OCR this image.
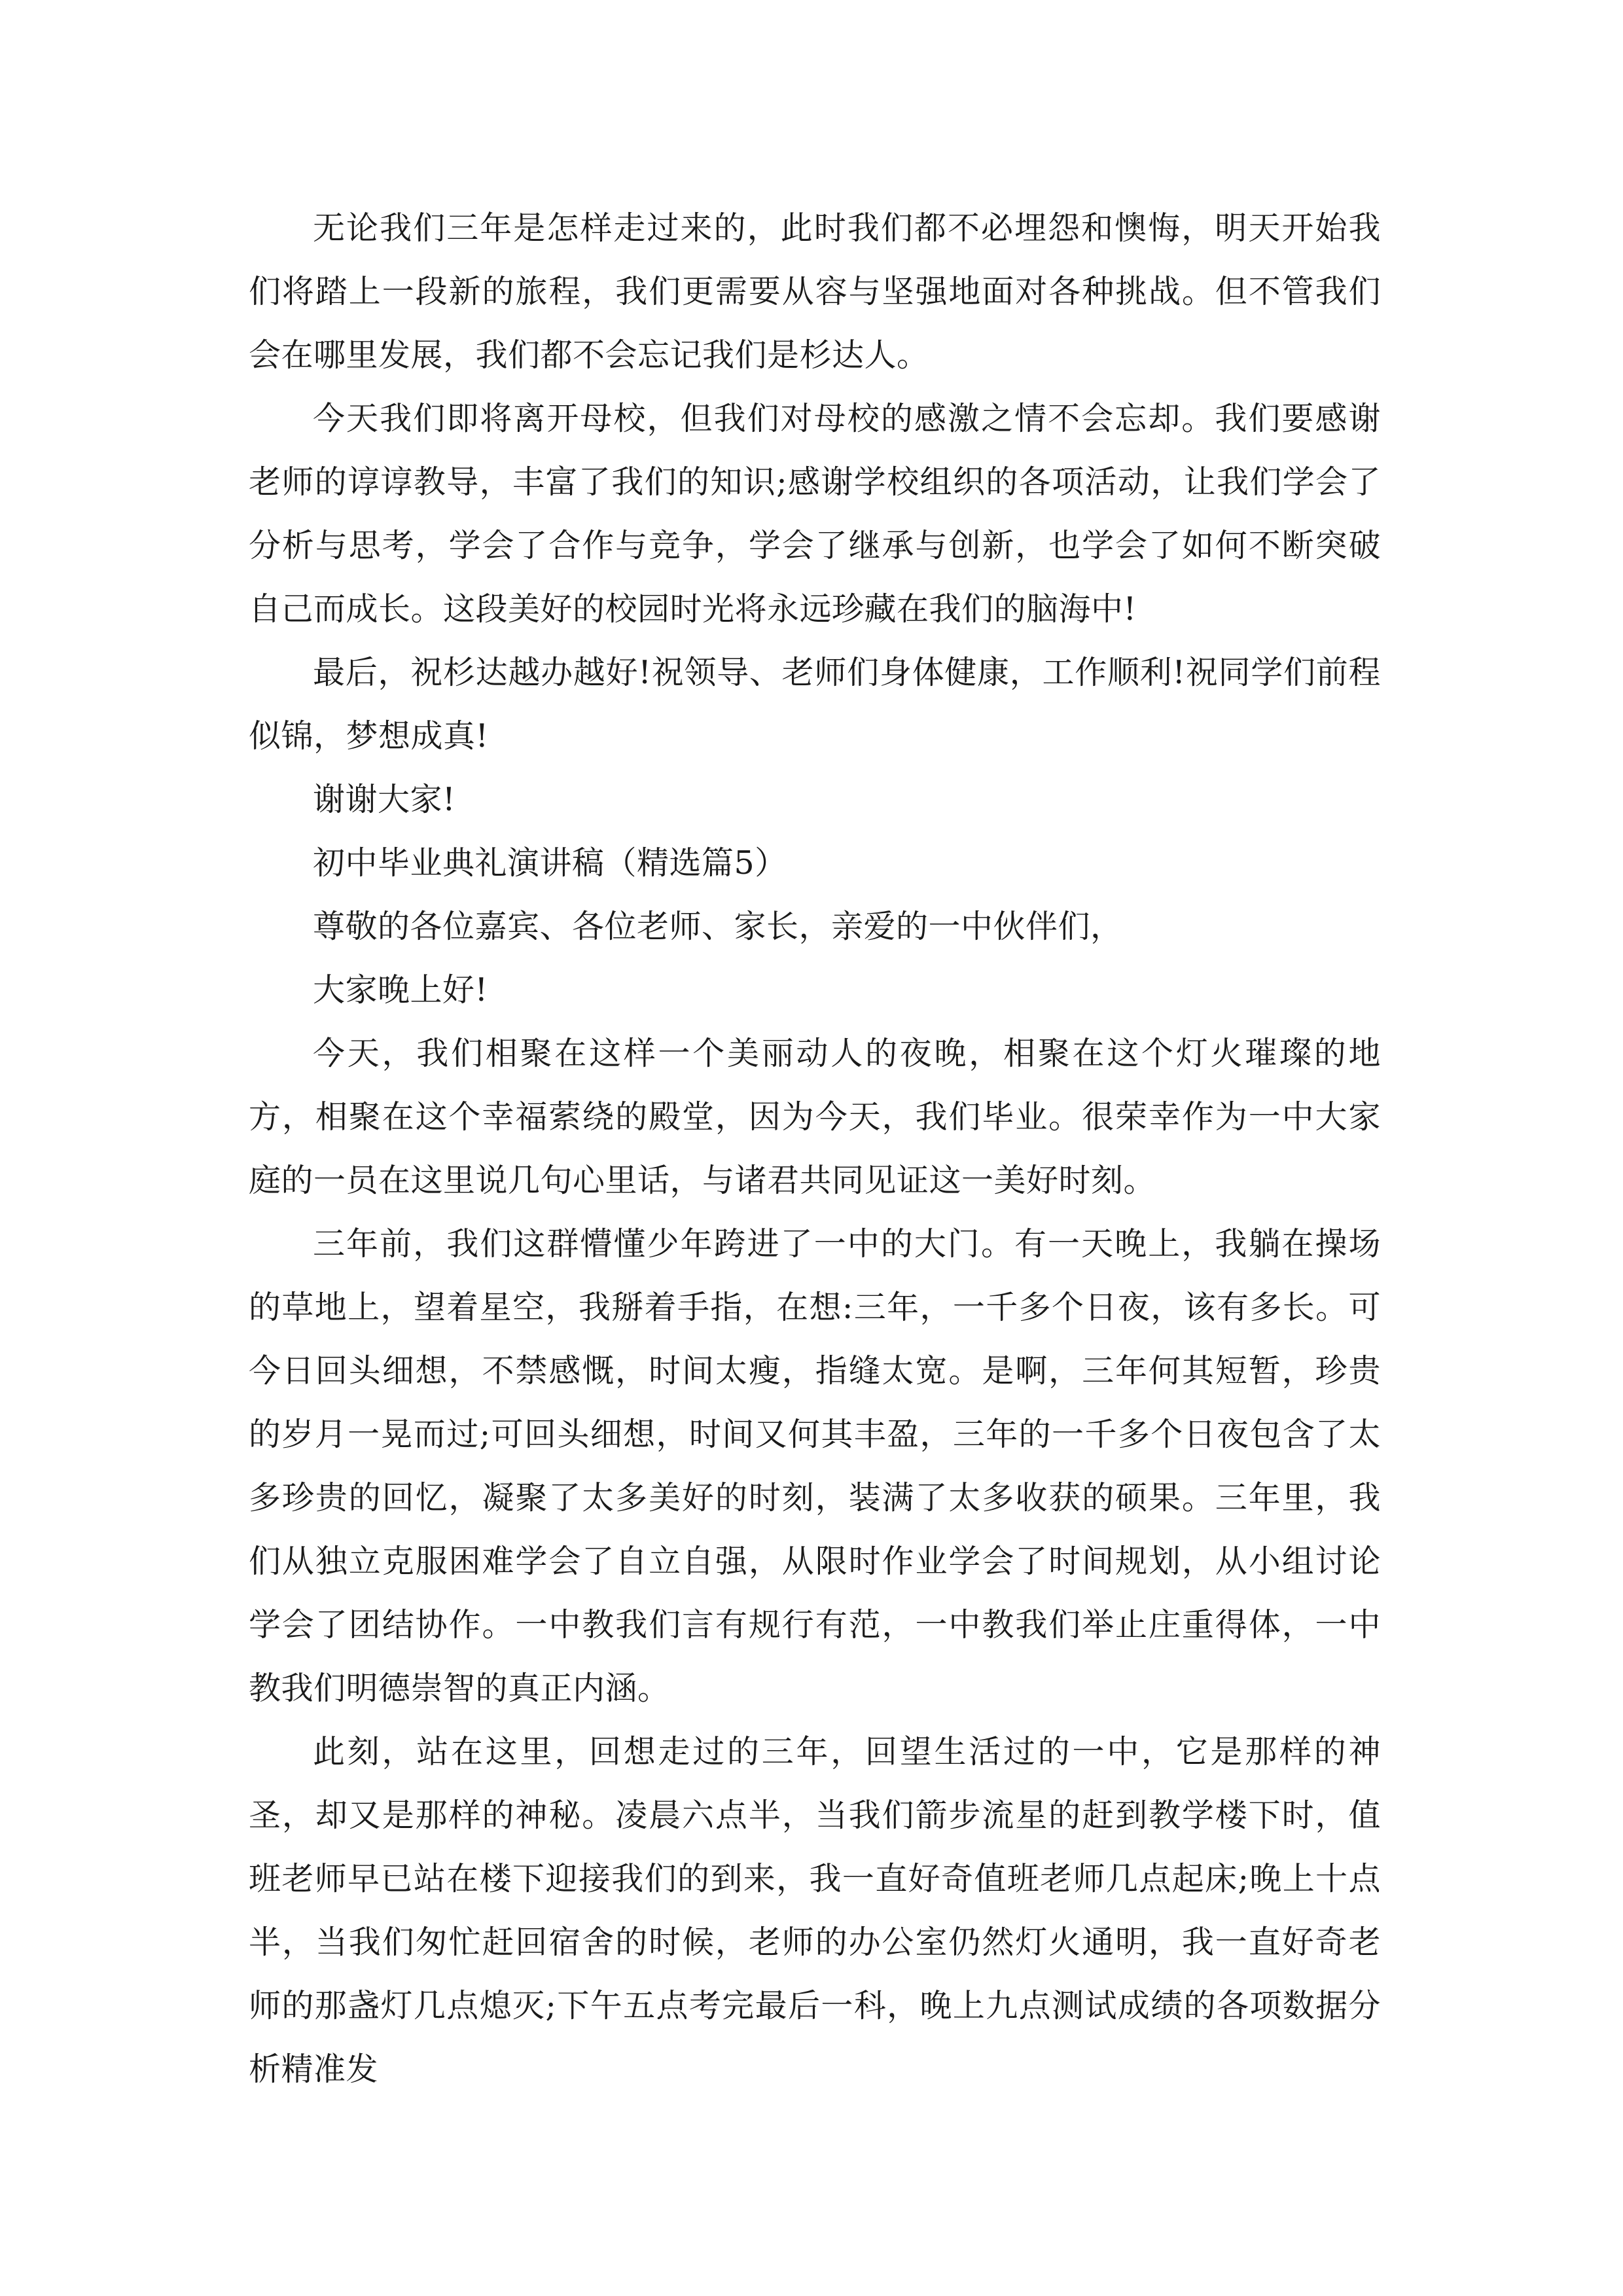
无论我们三年是怎样走过来的，此时我们都不必埋怨和懊悔，明天开始我们将踏上一段新的旅程，我们更需要从容与坚强地面对各种挑战。但不管我们会在哪里发展，我们都不会忘记我们是杉达人。

今天我们即将离开母校，但我们对母校的感激之情不会忘却。我们要感谢老师的谆谆教导，丰富了我们的知识;感谢学校组织的各项活动，让我们学会了分析与思考，学会了合作与竞争，学会了继承与创新，也学会了如何不断突破自己而成长。这段美好的校园时光将永远珍藏在我们的脑海中!

最后，祝杉达越办越好!祝领导、老师们身体健康，工作顺利!祝同学们前程似锦，梦想成真!

谢谢大家!

初中毕业典礼演讲稿（精选篇5）

尊敬的各位嘉宾、各位老师、家长，亲爱的一中伙伴们，

大家晚上好!

今天，我们相聚在这样一个美丽动人的夜晚，相聚在这个灯火璀璨的地方，相聚在这个幸福萦绕的殿堂，因为今天，我们毕业。很荣幸作为一中大家庭的一员在这里说几句心里话，与诸君共同见证这一美好时刻。

三年前，我们这群懵懂少年跨进了一中的大门。有一天晚上，我躺在操场的草地上，望着星空，我掰着手指，在想:三年，一千多个日夜，该有多长。可今日回头细想，不禁感慨，时间太瘦，指缝太宽。是啊，三年何其短暂，珍贵的岁月一晃而过;可回头细想，时间又何其丰盈，三年的一千多个日夜包含了太多珍贵的回忆，凝聚了太多美好的时刻，装满了太多收获的硕果。三年里，我们从独立克服困难学会了自立自强，从限时作业学会了时间规划，从小组讨论学会了团结协作。一中教我们言有规行有范，一中教我们举止庄重得体，一中教我们明德崇智的真正内涵。

此刻，站在这里，回想走过的三年，回望生活过的一中，它是那样的神圣，却又是那样的神秘。凌晨六点半，当我们箭步流星的赶到教学楼下时，值班老师早已站在楼下迎接我们的到来，我一直好奇值班老师几点起床;晚上十点半，当我们匆忙赶回宿舍的时候，老师的办公室仍然灯火通明，我一直好奇老师的那盏灯几点熄灭;下午五点考完最后一科，晚上九点测试成绩的各项数据分析精准发
